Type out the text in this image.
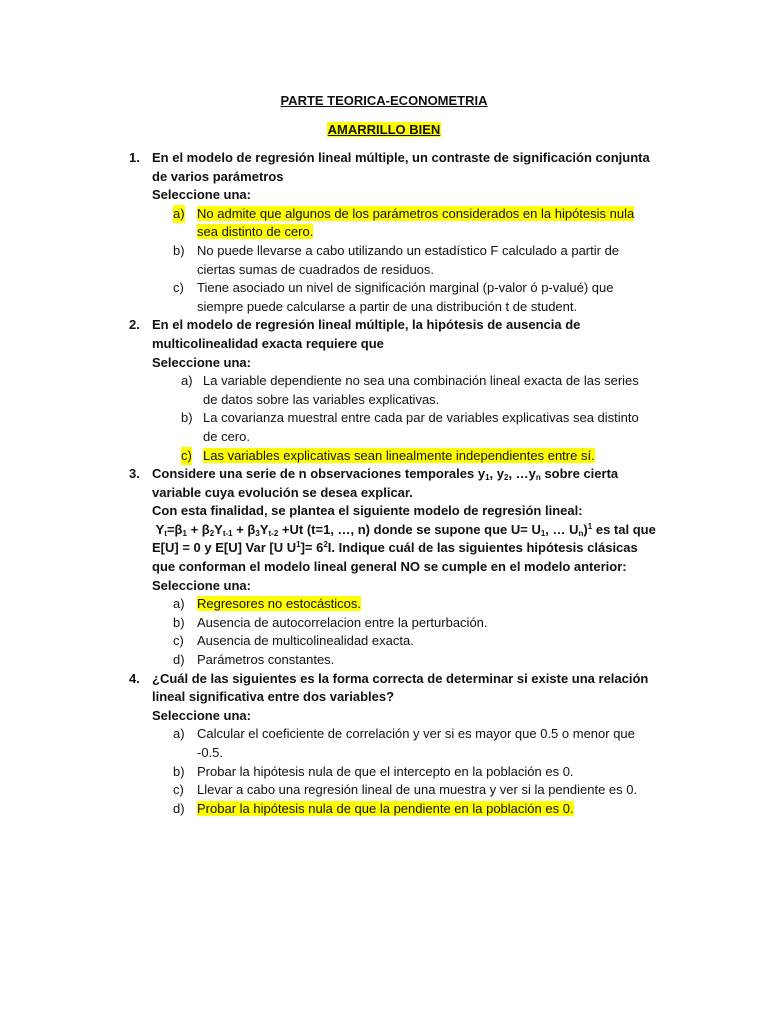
PARTE TEORICA-ECONOMETRIA
AMARRILLO BIEN
1. En el modelo de regresión lineal múltiple, un contraste de significación conjunta de varios parámetros
Seleccione una:
a) No admite que algunos de los parámetros considerados en la hipótesis nula sea distinto de cero.
b) No puede llevarse a cabo utilizando un estadístico F calculado a partir de ciertas sumas de cuadrados de residuos.
c) Tiene asociado un nivel de significación marginal (p-valor ó p-valué) que siempre puede calcularse a partir de una distribución t de student.
2. En el modelo de regresión lineal múltiple, la hipótesis de ausencia de multicolinealidad exacta requiere que
Seleccione una:
a) La variable dependiente no sea una combinación lineal exacta de las series de datos sobre las variables explicativas.
b) La covarianza muestral entre cada par de variables explicativas sea distinto de cero.
c) Las variables explicativas sean linealmente independientes entre sí.
3. Considere una serie de n observaciones temporales $y_1$, $y_2$, $\dots y_n$ sobre cierta variable cuya evolución se desea explicar.
Con esta finalidad, se plantea el siguiente modelo de regresión lineal:
$Y_t=\beta_1 + \beta_2Y_{t-1} + \beta_3Y_{t-2} +Ut$ (t=1, …, n) donde se supone que $U= U_1$, … $U_n)^1$ es tal que E[U] = 0 y E[U] Var [U $U^1]= 6^2I$. Indique cuál de las siguientes hipótesis clásicas que conforman el modelo lineal general NO se cumple en el modelo anterior:
Seleccione una:
a) Regresores no estocásticos.
b) Ausencia de autocorrelacion entre la perturbación.
c) Ausencia de multicolinealidad exacta.
d) Parámetros constantes.
4. ¿Cuál de las siguientes es la forma correcta de determinar si existe una relación lineal significativa entre dos variables?
Seleccione una:
a) Calcular el coeficiente de correlación y ver si es mayor que 0.5 o menor que -0.5.
b) Probar la hipótesis nula de que el intercepto en la población es 0.
c) Llevar a cabo una regresión lineal de una muestra y ver si la pendiente es 0.
d) Probar la hipótesis nula de que la pendiente en la población es 0.
